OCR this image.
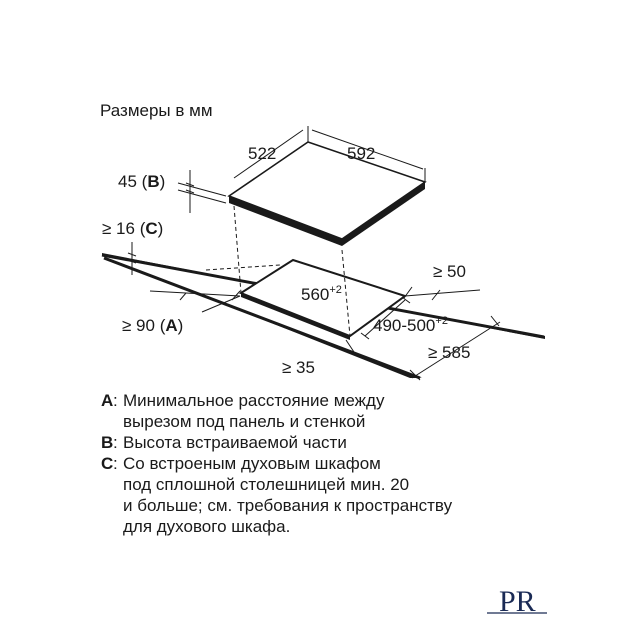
Размеры в мм
522	592
45 (B)
≥ 16 (C)
≥ 50
$560^{+2}$
$490-500^{+2}$
≥ 90 (A)
≥ 35
≥ 585
A : Минимальное расстояние между
вырезом под панель и стенкой
B : Высота встраиваемой части
C : Со встроеным духовым шкафом
под сплошной столешницей мин. 20
и больше; см. требования к пространству
для духового шкафа.
PR
